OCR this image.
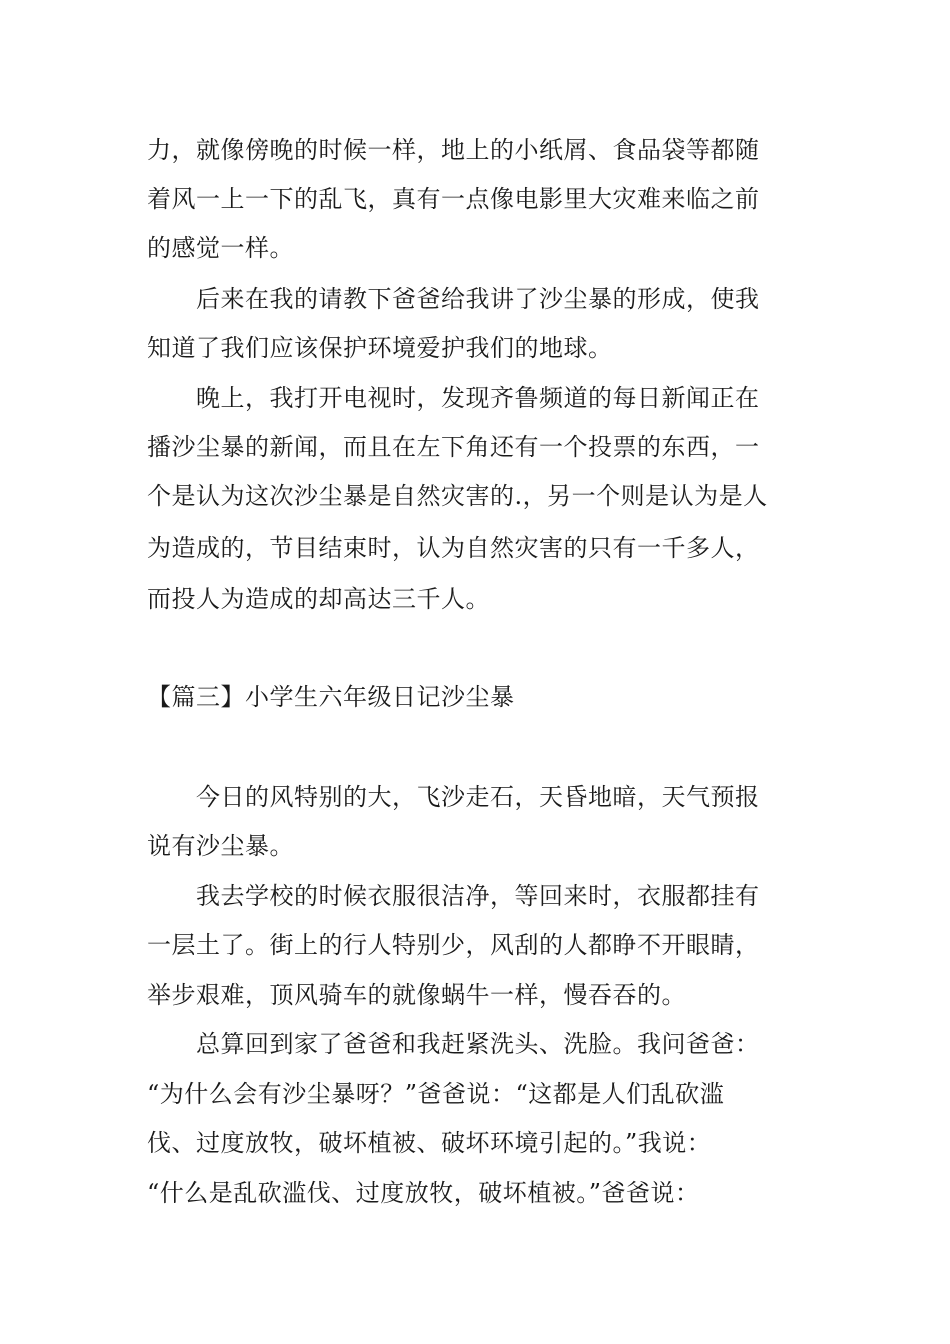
力，就像傍晚的时候一样，地上的小纸屑、食品袋等都随
着风一上一下的乱飞，真有一点像电影里大灾难来临之前
的感觉一样。
后来在我的请教下爸爸给我讲了沙尘暴的形成，使我
知道了我们应该保护环境爱护我们的地球。
晚上，我打开电视时，发现齐鲁频道的每日新闻正在
播沙尘暴的新闻，而且在左下角还有一个投票的东西，一
个是认为这次沙尘暴是自然灾害的.，另一个则是认为是人
为造成的，节目结束时，认为自然灾害的只有一千多人，
而投人为造成的却高达三千人。
【篇三】小学生六年级日记沙尘暴
今日的风特别的大，飞沙走石，天昏地暗，天气预报
说有沙尘暴。
我去学校的时候衣服很洁净，等回来时，衣服都挂有
一层土了。街上的行人特别少，风刮的人都睁不开眼睛，
举步艰难，顶风骑车的就像蜗牛一样，慢吞吞的。
总算回到家了爸爸和我赶紧洗头、洗脸。我问爸爸：
“为什么会有沙尘暴呀？”爸爸说：“这都是人们乱砍滥
伐、过度放牧，破坏植被、破坏环境引起的。”我说：
“什么是乱砍滥伐、过度放牧，破坏植被。”爸爸说：
